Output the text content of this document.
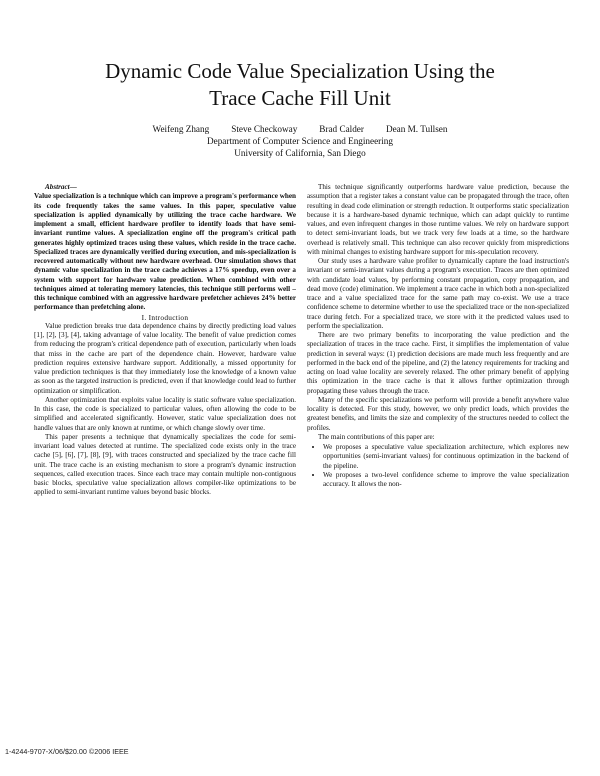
Dynamic Code Value Specialization Using the
Trace Cache Fill Unit
Weifeng Zhang Steve Checkoway Brad Calder Dean M. Tullsen
Department of Computer Science and Engineering
University of California, San Diego

Abstract—
Value specialization is a technique which can improve a program's performance when its code frequently takes the same values. In this paper, speculative value specialization is applied dynamically by utilizing the trace cache hardware. We implement a small, efficient hardware profiler to identify loads that have semi-invariant runtime values. A specialization engine off the program's critical path generates highly optimized traces using these values, which reside in the trace cache. Specialized traces are dynamically verified during execution, and mis-specialization is recovered automatically without new hardware overhead. Our simulation shows that dynamic value specialization in the trace cache achieves a 17% speedup, even over a system with support for hardware value prediction. When combined with other techniques aimed at tolerating memory latencies, this technique still performs well – this technique combined with an aggressive hardware prefetcher achieves 24% better performance than prefetching alone.

I. Introduction

Value prediction breaks true data dependence chains by directly predicting load values [1], [2], [3], [4], taking advantage of value locality. The benefit of value prediction comes from reducing the program's critical dependence path of execution, particularly when loads that miss in the cache are part of the dependence chain. However, hardware value prediction requires extensive hardware support. Additionally, a missed opportunity for value prediction techniques is that they immediately lose the knowledge of a known value as soon as the targeted instruction is predicted, even if that knowledge could lead to further optimization or simplification.

Another optimization that exploits value locality is static software value specialization. In this case, the code is specialized to particular values, often allowing the code to be simplified and accelerated significantly. However, static value specialization does not handle values that are only known at runtime, or which change slowly over time.

This paper presents a technique that dynamically specializes the code for semi-invariant load values detected at runtime. The specialized code exists only in the trace cache [5], [6], [7], [8], [9], with traces constructed and specialized by the trace cache fill unit. The trace cache is an existing mechanism to store a program's dynamic instruction sequences, called execution traces. Since each trace may contain multiple non-contiguous basic blocks, speculative value specialization allows compiler-like optimizations to be applied to semi-invariant runtime values beyond basic blocks.

This technique significantly outperforms hardware value prediction, because the assumption that a register takes a constant value can be propagated through the trace, often resulting in dead code elimination or strength reduction. It outperforms static specialization because it is a hardware-based dynamic technique, which can adapt quickly to runtime values, and even infrequent changes in those runtime values. We rely on hardware support to detect semi-invariant loads, but we track very few loads at a time, so the hardware overhead is relatively small. This technique can also recover quickly from mispredictions with minimal changes to existing hardware support for mis-speculation recovery.

Our study uses a hardware value profiler to dynamically capture the load instruction's invariant or semi-invariant values during a program's execution. Traces are then optimized with candidate load values, by performing constant propagation, copy propagation, and dead move (code) elimination. We implement a trace cache in which both a non-specialized trace and a value specialized trace for the same path may co-exist. We use a trace confidence scheme to determine whether to use the specialized trace or the non-specialized trace during fetch. For a specialized trace, we store with it the predicted values used to perform the specialization.

There are two primary benefits to incorporating the value prediction and the specialization of traces in the trace cache. First, it simplifies the implementation of value prediction in several ways: (1) prediction decisions are made much less frequently and are performed in the back end of the pipeline, and (2) the latency requirements for tracking and acting on load value locality are severely relaxed. The other primary benefit of applying this optimization in the trace cache is that it allows further optimization through propagating these values through the trace.

Many of the specific specializations we perform will provide a benefit anywhere value locality is detected. For this study, however, we only predict loads, which provides the greatest benefits, and limits the size and complexity of the structures needed to collect the profiles.

The main contributions of this paper are:

• We proposes a speculative value specialization architecture, which explores new opportunities (semi-invariant values) for continuous optimization in the backend of the pipeline.
• We proposes a two-level confidence scheme to improve the value specialization accuracy. It allows the non-
1-4244-9707-X/06/$20.00 ©2006 IEEE
